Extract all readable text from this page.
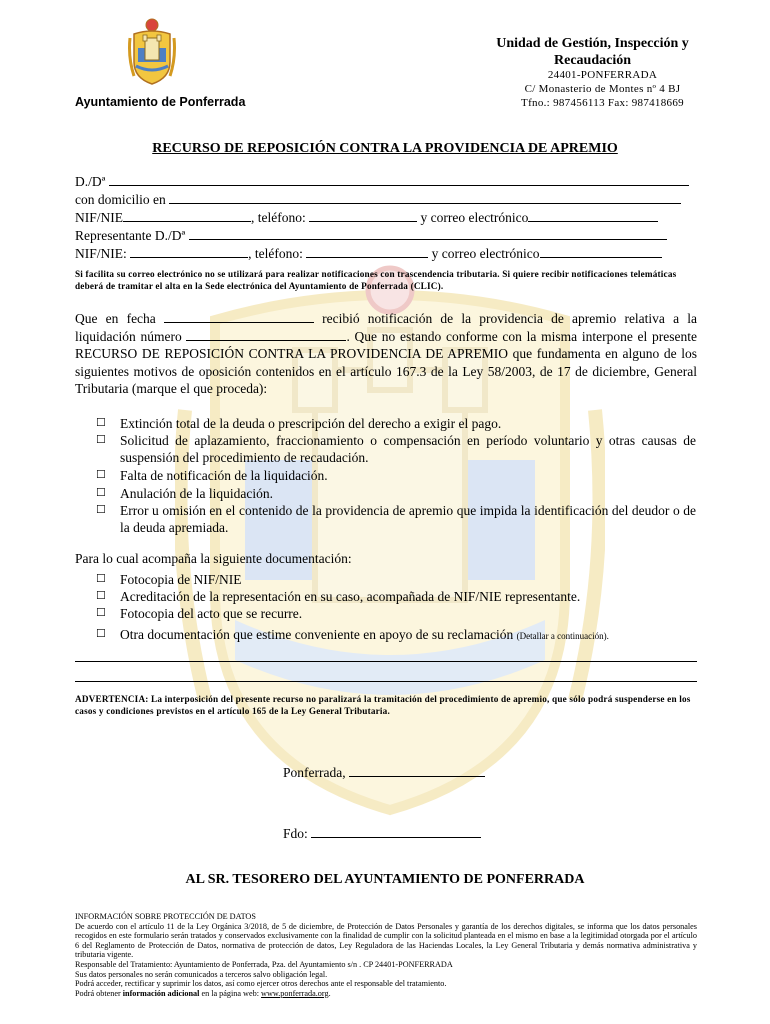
Ayuntamiento de Ponferrada
Unidad de Gestión, Inspección y
Recaudación
24401-PONFERRADA
C/ Monasterio de Montes nº 4 BJ
Tfno.: 987456113 Fax: 987418669
RECURSO DE REPOSICIÓN CONTRA LA PROVIDENCIA DE APREMIO
D./Dª
con domicilio en
NIF/NIE	, teléfono:	y correo electrónico
Representante D./Dª
NIF/NIE:	, teléfono:	y correo electrónico
Si facilita su correo electrónico no se utilizará para realizar notificaciones con trascendencia tributaria. Si quiere recibir notificaciones telemáticas deberá de tramitar el alta en la Sede electrónica del Ayuntamiento de Ponferrada (CLIC).
Que en fecha	recibió notificación de la providencia de apremio relativa a la liquidación número	. Que no estando conforme con la misma interpone el presente RECURSO DE REPOSICIÓN CONTRA LA PROVIDENCIA DE APREMIO que fundamenta en alguno de los siguientes motivos de oposición contenidos en el artículo 167.3 de la Ley 58/2003, de 17 de diciembre, General Tributaria (marque el que proceda):
☐ Extinción total de la deuda o prescripción del derecho a exigir el pago.
☐ Solicitud de aplazamiento, fraccionamiento o compensación en período voluntario y otras causas de suspensión del procedimiento de recaudación.
☐ Falta de notificación de la liquidación.
☐ Anulación de la liquidación.
☐ Error u omisión en el contenido de la providencia de apremio que impida la identificación del deudor o de la deuda apremiada.
Para lo cual acompaña la siguiente documentación:
☐ Fotocopia de NIF/NIE
☐ Acreditación de la representación en su caso, acompañada de NIF/NIE representante.
☐ Fotocopia del acto que se recurre.
☐ Otra documentación que estime conveniente en apoyo de su reclamación (Detallar a continuación).
ADVERTENCIA: La interposición del presente recurso no paralizará la tramitación del procedimiento de apremio, que sólo podrá suspenderse en los casos y condiciones previstos en el artículo 165 de la Ley General Tributaria.
Ponferrada,
Fdo:
AL SR. TESORERO DEL AYUNTAMIENTO DE PONFERRADA

INFORMACIÓN SOBRE PROTECCIÓN DE DATOS

De acuerdo con el artículo 11 de la Ley Orgánica 3/2018, de 5 de diciembre, de Protección de Datos Personales y garantía de los derechos digitales, se informa que los datos personales recogidos en este formulario serán tratados y conservados exclusivamente con la finalidad de cumplir con la solicitud planteada en el mismo en base a la legitimidad otorgada por el artículo 6 del Reglamento de Protección de Datos, normativa de protección de datos, Ley Reguladora de las Haciendas Locales, la Ley General Tributaria y demás normativa administrativa y tributaria vigente.

Responsable del Tratamiento: Ayuntamiento de Ponferrada, Pza. del Ayuntamiento s/n . CP 24401-PONFERRADA

Sus datos personales no serán comunicados a terceros salvo obligación legal.

Podrá acceder, rectificar y suprimir los datos, así como ejercer otros derechos ante el responsable del tratamiento.

Podrá obtener información adicional en la página web: www.ponferrada.org.
